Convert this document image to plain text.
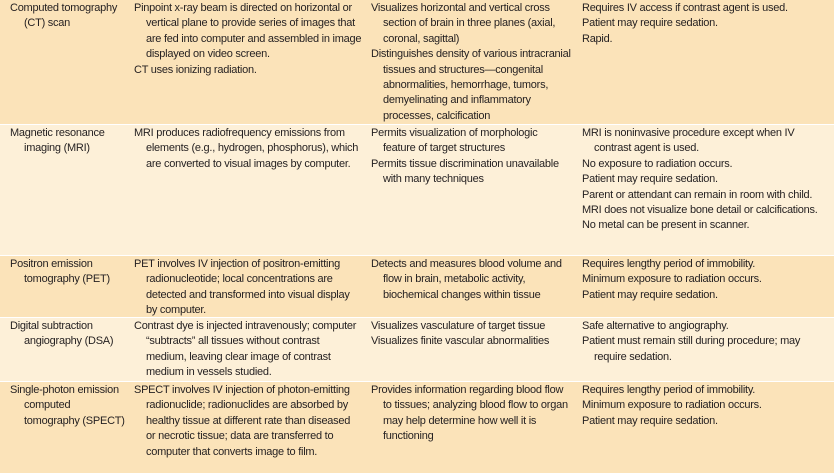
Computed tomography (CT) scan

Pinpoint x-ray beam is directed on horizontal or vertical plane to provide series of images that are fed into computer and assembled in image displayed on video screen.

CT uses ionizing radiation.

Visualizes horizontal and vertical cross section of brain in three planes (axial, coronal, sagittal)

Distinguishes density of various intracranial tissues and structures—congenital abnormalities, hemorrhage, tumors, demyelinating and inflammatory processes, calcification

Requires IV access if contrast agent is used.

Patient may require sedation.

Rapid.

Magnetic resonance imaging (MRI)

MRI produces radiofrequency emissions from elements (e.g., hydrogen, phosphorus), which are converted to visual images by computer.

Permits visualization of morphologic feature of target structures

Permits tissue discrimination unavailable with many techniques

MRI is noninvasive procedure except when IV contrast agent is used.

No exposure to radiation occurs.

Patient may require sedation.

Parent or attendant can remain in room with child.

MRI does not visualize bone detail or calcifications.

No metal can be present in scanner.

Positron emission tomography (PET)

PET involves IV injection of positron-emitting radionucleotide; local concentrations are detected and transformed into visual display by computer.

Detects and measures blood volume and flow in brain, metabolic activity, biochemical changes within tissue

Requires lengthy period of immobility.

Minimum exposure to radiation occurs.

Patient may require sedation.

Digital subtraction angiography (DSA)

Contrast dye is injected intravenously; computer “subtracts” all tissues without contrast medium, leaving clear image of contrast medium in vessels studied.

Visualizes vasculature of target tissue

Visualizes finite vascular abnormalities

Safe alternative to angiography.

Patient must remain still during procedure; may require sedation.

Single-photon emission computed tomography (SPECT)

SPECT involves IV injection of photon-emitting radionuclide; radionuclides are absorbed by healthy tissue at different rate than diseased or necrotic tissue; data are transferred to computer that converts image to film.

Provides information regarding blood flow to tissues; analyzing blood flow to organ may help determine how well it is functioning

Requires lengthy period of immobility.

Minimum exposure to radiation occurs.

Patient may require sedation.
